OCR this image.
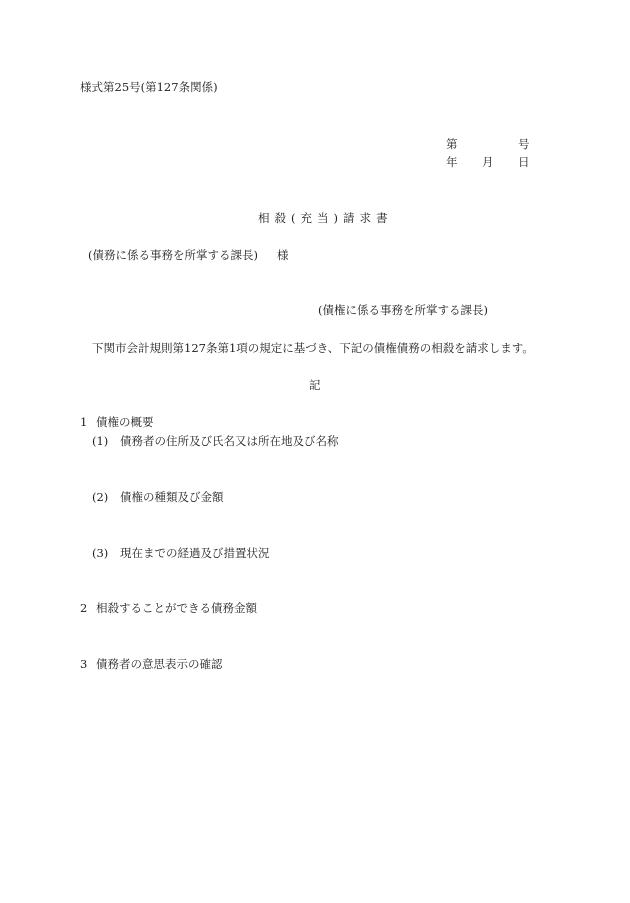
様式第25号(第127条関係)
第	号
年 月 日
相殺(充当)請求書
(債務に係る事務を所掌する課長) 様
(債権に係る事務を所掌する課長)
下関市会計規則第127条第1項の規定に基づき、下記の債権債務の相殺を請求します。
記
1 債権の概要
(1) 債務者の住所及び氏名又は所在地及び名称
(2) 債権の種類及び金額
(3) 現在までの経過及び措置状況
2 相殺することができる債務金額
3 債務者の意思表示の確認
